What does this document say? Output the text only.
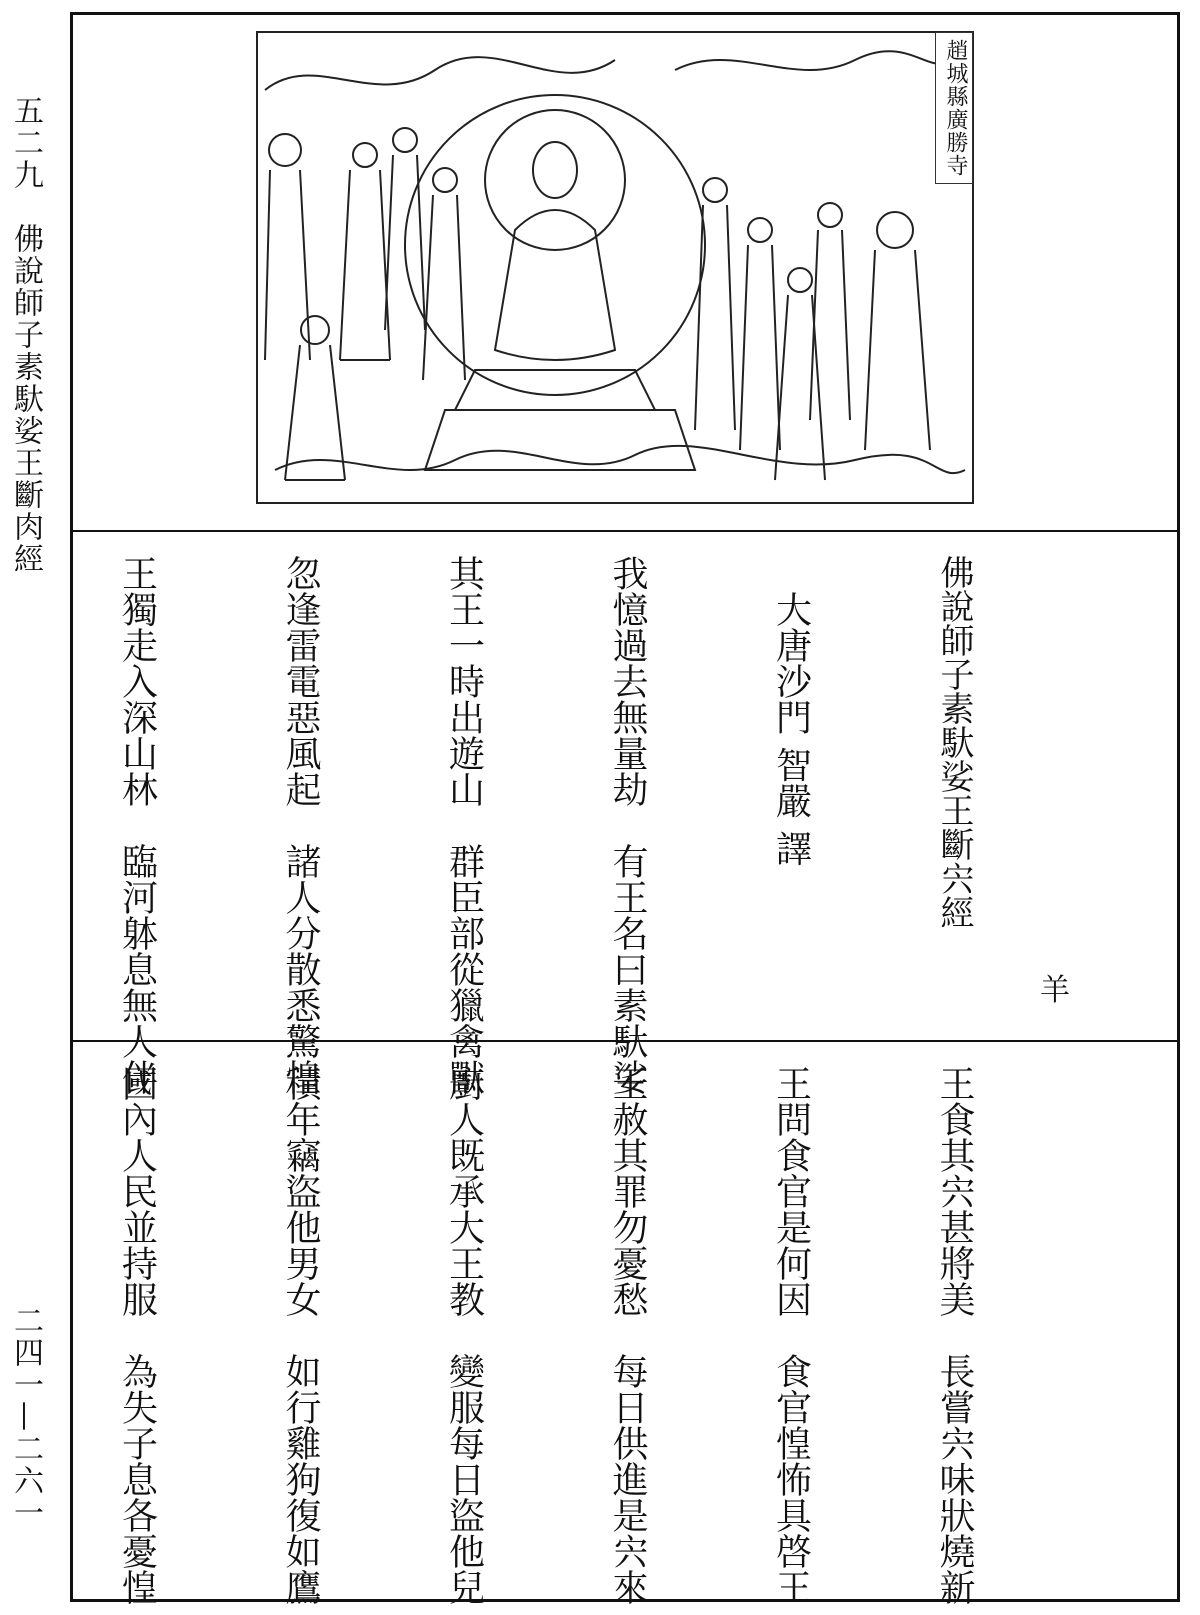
五二九　佛說師子素馱娑王斷肉經
二四一—二六一
趙城縣廣勝寺

佛說師子素馱娑王斷宍經

　大唐沙門 智嚴 譯

我憶過去無量劫　有王名曰素馱娑

其王一時出遊山　群臣部從獵禽獸

忽逢雷電惡風起　諸人分散悉驚惶

王獨走入深山林　臨河躰息無人伴

	羊

王食其宍甚將美　長嘗宍味狀燒新

王問食官是何因　食官惶怖具啓王

王赦其罪勿憂愁　每日供進是宍來

廚人既承大王教　變服每日盜他兒

積年竊盜他男女　如行雞狗復如鷹

國內人民並持服　為失子息各憂惶
